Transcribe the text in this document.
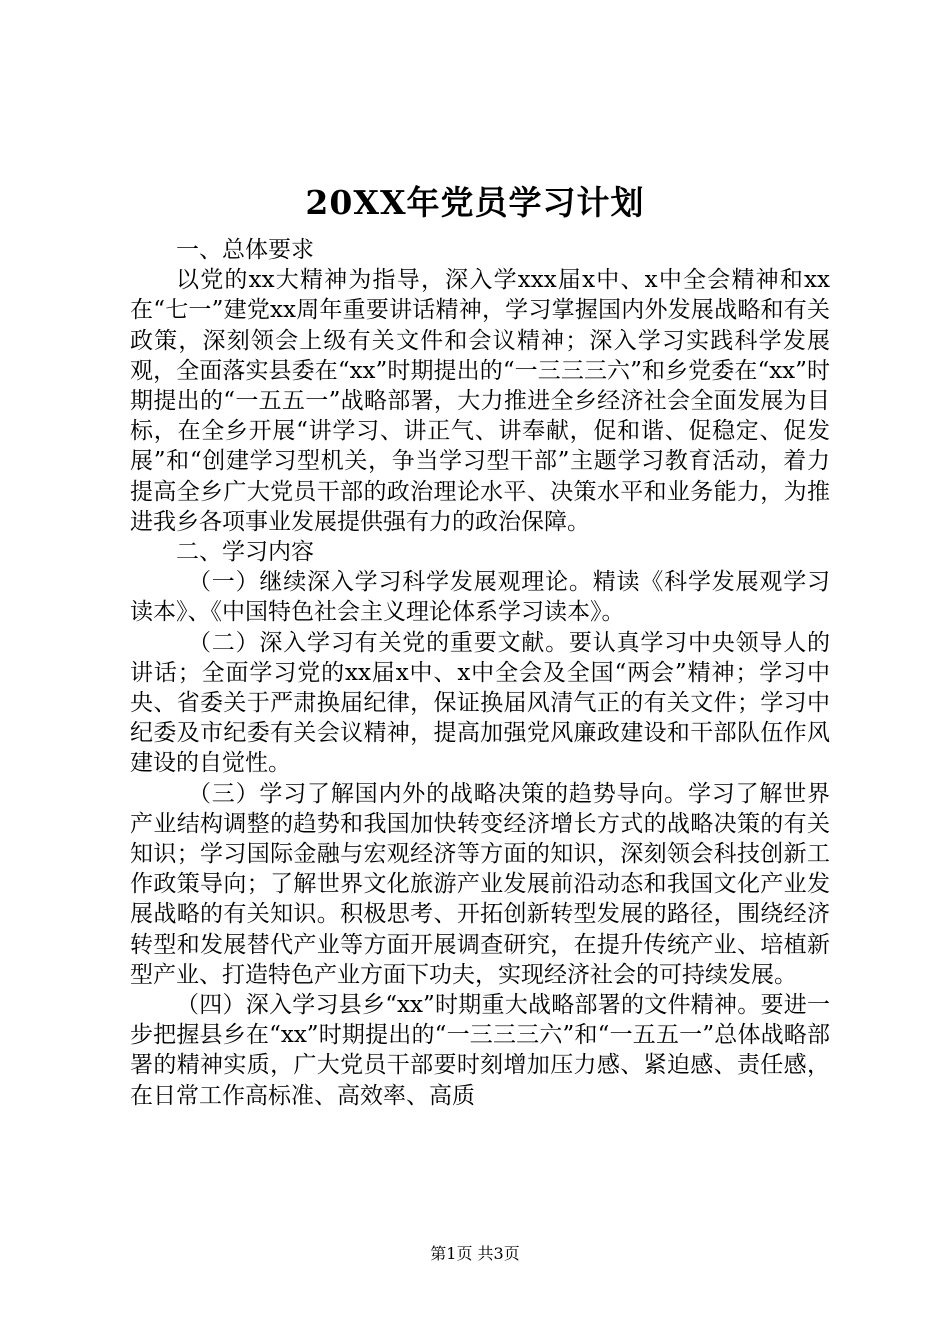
20XX年党员学习计划

一、总体要求

以党的xx大精神为指导，深入学xxx届x中、x中全会精神和xx在“七一”建党xx周年重要讲话精神，学习掌握国内外发展战略和有关政策，深刻领会上级有关文件和会议精神；深入学习实践科学发展观，全面落实县委在“xx”时期提出的“一三三三六”和乡党委在“xx”时期提出的“一五五一”战略部署，大力推进全乡经济社会全面发展为目标，在全乡开展“讲学习、讲正气、讲奉献，促和谐、促稳定、促发展”和“创建学习型机关，争当学习型干部”主题学习教育活动，着力提高全乡广大党员干部的政治理论水平、决策水平和业务能力，为推进我乡各项事业发展提供强有力的政治保障。

二、学习内容

（一）继续深入学习科学发展观理论。精读《科学发展观学习读本》、《中国特色社会主义理论体系学习读本》。

（二）深入学习有关党的重要文献。要认真学习中央领导人的讲话；全面学习党的xx届x中、x中全会及全国“两会”精神；学习中央、省委关于严肃换届纪律，保证换届风清气正的有关文件；学习中纪委及市纪委有关会议精神，提高加强党风廉政建设和干部队伍作风建设的自觉性。

（三）学习了解国内外的战略决策的趋势导向。学习了解世界产业结构调整的趋势和我国加快转变经济增长方式的战略决策的有关知识；学习国际金融与宏观经济等方面的知识，深刻领会科技创新工作政策导向；了解世界文化旅游产业发展前沿动态和我国文化产业发展战略的有关知识。积极思考、开拓创新转型发展的路径，围绕经济转型和发展替代产业等方面开展调查研究，在提升传统产业、培植新型产业、打造特色产业方面下功夫，实现经济社会的可持续发展。

（四）深入学习县乡“xx”时期重大战略部署的文件精神。要进一步把握县乡在“xx”时期提出的“一三三三六”和“一五五一”总体战略部署的精神实质，广大党员干部要时刻增加压力感、紧迫感、责任感，在日常工作高标准、高效率、高质

第1页 共3页
